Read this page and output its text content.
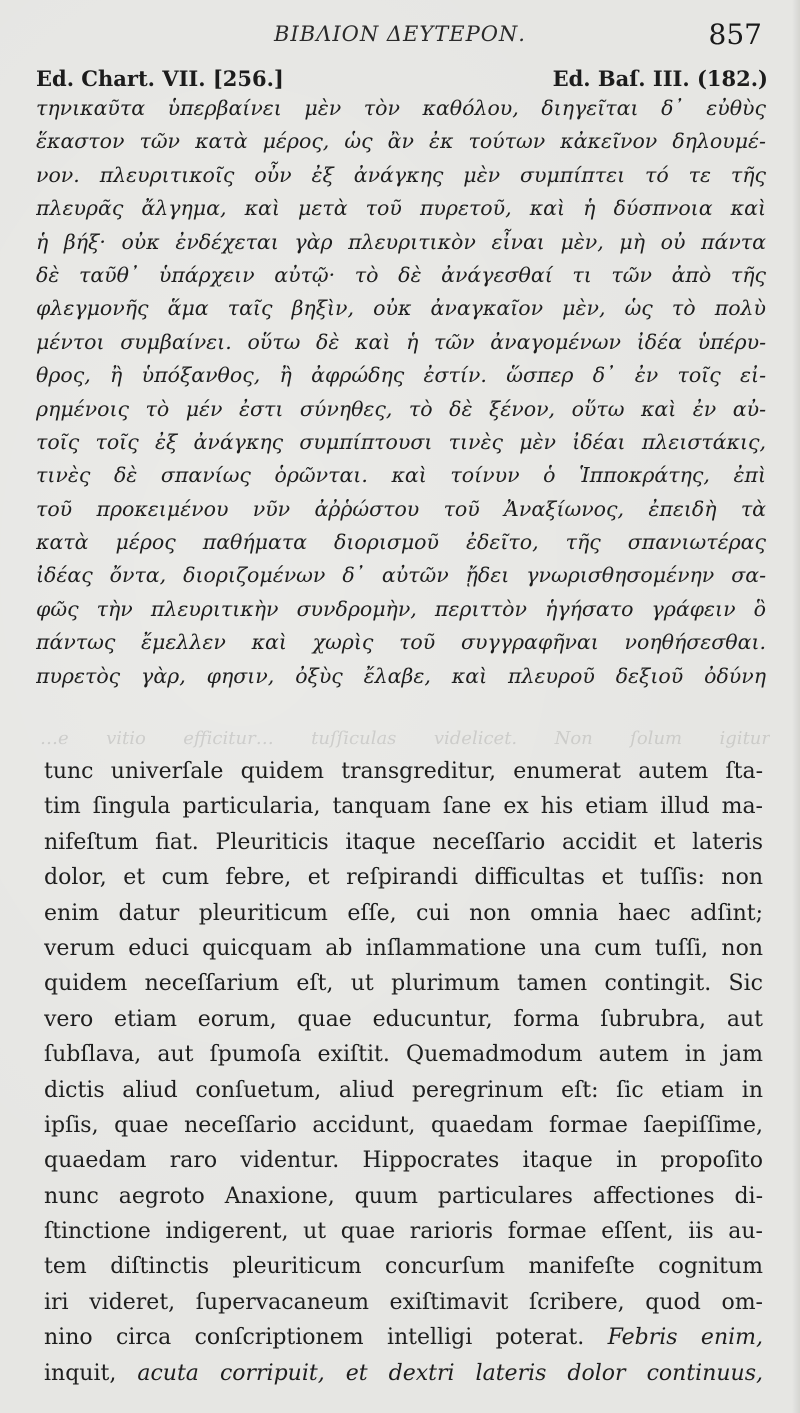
ΒΙΒΛΙΟΝ ΔΕΥΤΕΡΟΝ.	857
Ed. Chart. VII. [256.]	Ed. Baſ. III. (182.)
τηνικαῦτα ὑπερβαίνει μὲν τὸν καθόλου, διηγεῖται δ᾽ εὐθὺς
ἕκαστον τῶν κατὰ μέρος, ὡς ἂν ἐκ τούτων κἀκεῖνον δηλουμέ-
νον. πλευριτικοῖς οὖν ἐξ ἀνάγκης μὲν συμπίπτει τό τε τῆς
πλευρᾶς ἄλγημα, καὶ μετὰ τοῦ πυρετοῦ, καὶ ἡ δύσπνοια καὶ
ἡ βήξ· οὐκ ἐνδέχεται γὰρ πλευριτικὸν εἶναι μὲν, μὴ οὐ πάντα
δὲ ταῦθ᾽ ὑπάρχειν αὐτῷ· τὸ δὲ ἀνάγεσθαί τι τῶν ἀπὸ τῆς
φλεγμονῆς ἅμα ταῖς βηξὶν, οὐκ ἀναγκαῖον μὲν, ὡς τὸ πολὺ
μέντοι συμβαίνει. οὕτω δὲ καὶ ἡ τῶν ἀναγομένων ἰδέα ὑπέρυ-
θρος, ἢ ὑπόξανθος, ἢ ἀφρώδης ἐστίν. ὥσπερ δ᾽ ἐν τοῖς εἰ-
ρημένοις τὸ μέν ἐστι σύνηθες, τὸ δὲ ξένον, οὕτω καὶ ἐν αὐ-
τοῖς τοῖς ἐξ ἀνάγκης συμπίπτουσι τινὲς μὲν ἰδέαι πλειστάκις,
τινὲς δὲ σπανίως ὁρῶνται. καὶ τοίνυν ὁ Ἱπποκράτης, ἐπὶ
τοῦ προκειμένου νῦν ἀῤῥώστου τοῦ Ἀναξίωνος, ἐπειδὴ τὰ
κατὰ μέρος παθήματα διορισμοῦ ἐδεῖτο, τῆς σπανιωτέρας
ἰδέας ὄντα, διοριζομένων δ᾽ αὐτῶν ᾔδει γνωρισθησομένην σα-
φῶς τὴν πλευριτικὴν συνδρομὴν, περιττὸν ἡγήσατο γράφειν ὃ
πάντως ἔμελλεν καὶ χωρὶς τοῦ συγγραφῆναι νοηθήσεσθαι.
πυρετὸς γὰρ, φησιν, ὀξὺς ἔλαβε, καὶ πλευροῦ δεξιοῦ ὀδύνη
…e vitio efficitur… tuſſiculas videlicet. Non ſolum igitur
tunc univerſale quidem transgreditur, enumerat autem ſta-
tim ſingula particularia, tanquam ſane ex his etiam illud ma-
nifeſtum fiat. Pleuriticis itaque neceſſario accidit et lateris
dolor, et cum febre, et reſpirandi difficultas et tuſſis: non
enim datur pleuriticum eſſe, cui non omnia haec adſint;
verum educi quicquam ab inſlammatione una cum tuſſi, non
quidem neceſſarium eſt, ut plurimum tamen contingit. Sic
vero etiam eorum, quae educuntur, forma ſubrubra, aut
ſubſlava, aut ſpumoſa exiſtit. Quemadmodum autem in jam
dictis aliud conſuetum, aliud peregrinum eſt: ſic etiam in
ipſis, quae neceſſario accidunt, quaedam formae ſaepiſſime,
quaedam raro videntur. Hippocrates itaque in propoſito
nunc aegroto Anaxione, quum particulares affectiones di-
ſtinctione indigerent, ut quae rarioris formae eſſent, iis au-
tem diſtinctis pleuriticum concurſum manifeſte cognitum
iri videret, ſupervacaneum exiſtimavit ſcribere, quod om-
nino circa conſcriptionem intelligi poterat. Febris enim,
inquit, acuta corripuit, et dextri lateris dolor continuus,
